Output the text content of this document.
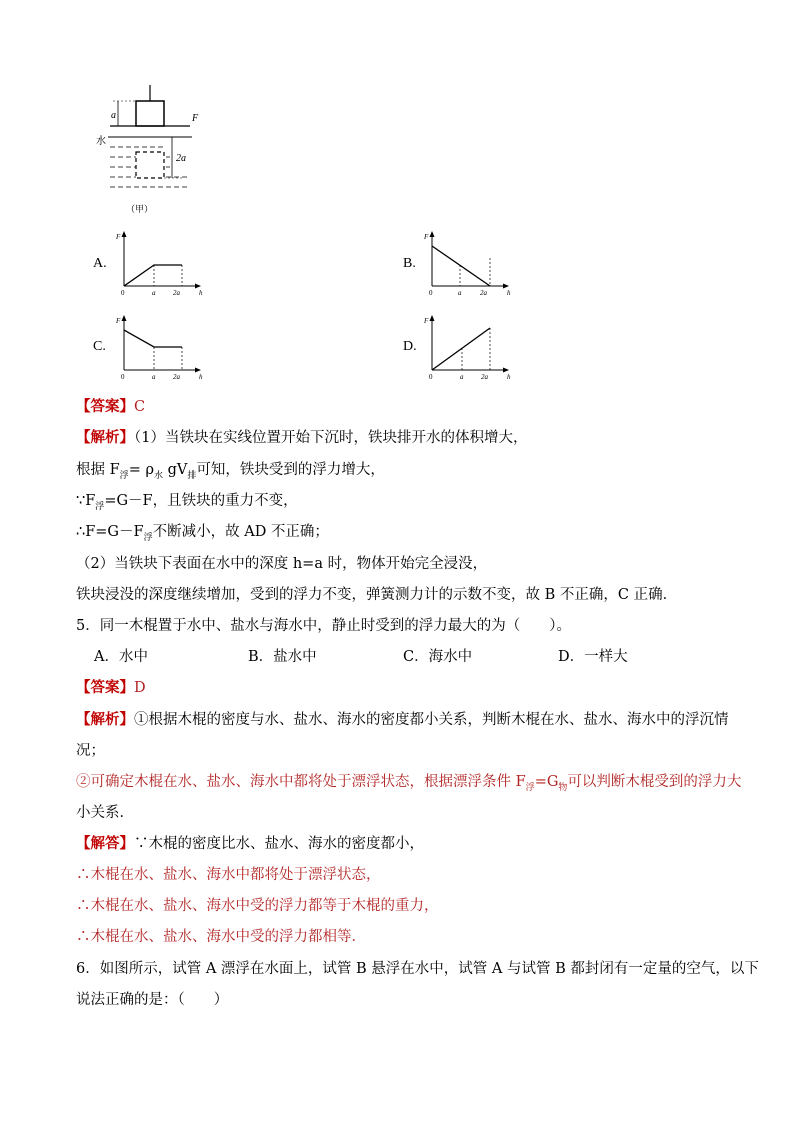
a	F
水
2a
（甲）
A.
F
h
0	a	2a
B.
F
h
0	a	2a
C.
F
h
0	a	2a
D.
F
h
0	a	2a
【答案】C
【解析】（1）当铁块在实线位置开始下沉时，铁块排开水的体积增大，
根据 $F_浮= \rho_水$ $gV_排$可知，铁块受到的浮力增大，
$\because F_浮=G-F$，且铁块的重力不变，
$\therefore F=G-F_浮$不断减小，故 AD 不正确；
（2）当铁块下表面在水中的深度 h=a 时，物体开始完全浸没，
铁块浸没的深度继续增加，受到的浮力不变，弹簧测力计的示数不变，故 B 不正确，C 正确．
5．同一木棍置于水中、盐水与海水中，静止时受到的浮力最大的为（　　）。
A．水中	B．盐水中	C．海水中	D．一样大
【答案】D
【解析】①根据木棍的密度与水、盐水、海水的密度都小关系，判断木棍在水、盐水、海水中的浮沉情
况；
②可确定木棍在水、盐水、海水中都将处于漂浮状态，根据漂浮条件 $F_浮=G_物$可以判断木棍受到的浮力大
小关系．
【解答】∵木棍的密度比水、盐水、海水的密度都小，
∴木棍在水、盐水、海水中都将处于漂浮状态，
∴木棍在水、盐水、海水中受的浮力都等于木棍的重力，
∴木棍在水、盐水、海水中受的浮力都相等．
6．如图所示，试管 A 漂浮在水面上，试管 B 悬浮在水中，试管 A 与试管 B 都封闭有一定量的空气，以下
说法正确的是：（　　）
